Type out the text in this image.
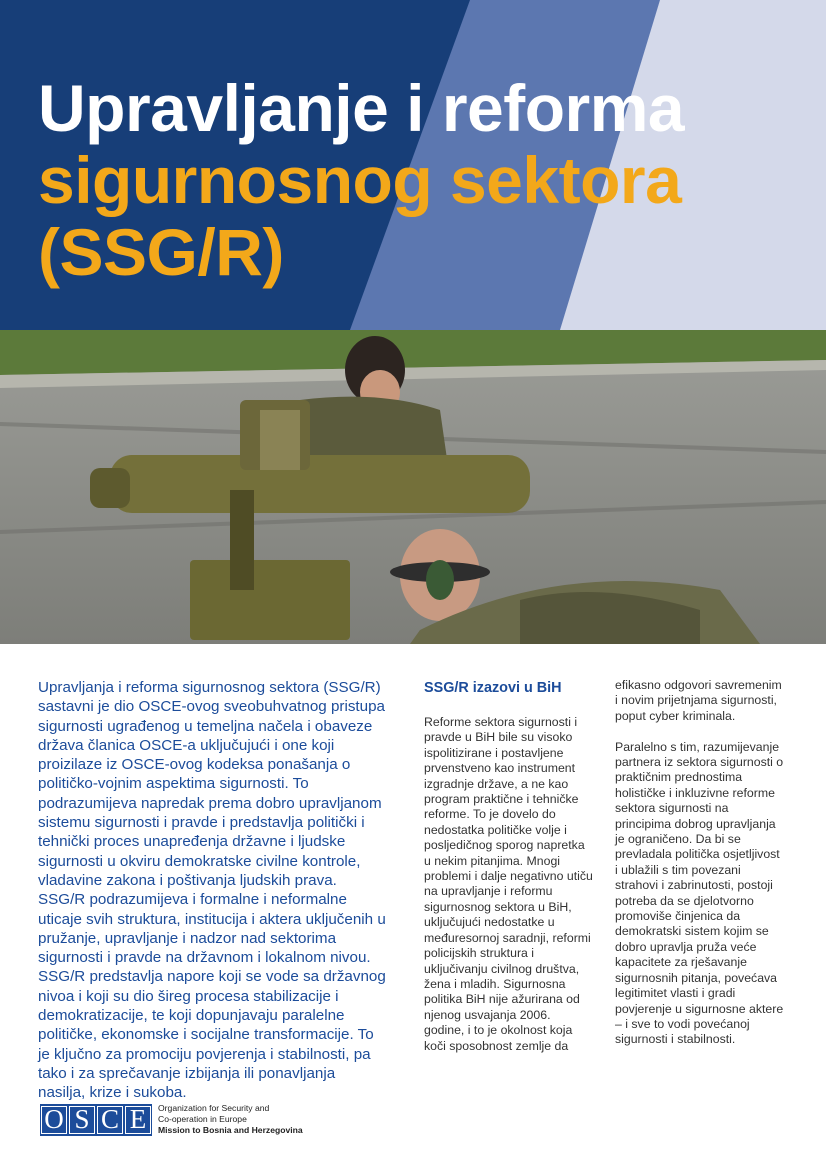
Upravljanje i reforma
sigurnosnog sektora
(SSG/R)

Upravljanja i reforma sigurnosnog sektora (SSG/R) sastavni je dio OSCE-ovog sveobuhvatnog pristupa sigurnosti ugrađenog u temeljna načela i obaveze država članica OSCE-a uključujući i one koji proizilaze iz OSCE-ovog kodeksa ponašanja o političko-vojnim aspektima sigurnosti. To podrazumijeva napredak prema dobro upravljanom sistemu sigurnosti i pravde i predstavlja politički i tehnički proces unapređenja državne i ljudske sigurnosti u okviru demokratske civilne kontrole, vladavine zakona i poštivanja ljudskih prava. SSG/R podrazumijeva i formalne i neformalne uticaje svih struktura, institucija i aktera uključenih u pružanje, upravljanje i nadzor nad sektorima sigurnosti i pravde na državnom i lokalnom nivou. SSG/R predstavlja napore koji se vode sa državnog nivoa i koji su dio šireg procesa stabilizacije i demokratizacije, te koji dopunjavaju paralelne političke, ekonomske i socijalne transformacije. To je ključno za promociju povjerenja i stabilnosti, pa tako i za sprečavanje izbijanja ili ponavljanja nasilja, krize i sukoba.

SSG/R izazovi u BiH

Reforme sektora sigurnosti i pravde u BiH bile su visoko ispolitizirane i postavljene prvenstveno kao instrument izgradnje države, a ne kao program praktične i tehničke reforme. To je dovelo do nedostatka političke volje i posljedičnog sporog napretka u nekim pitanjima. Mnogi problemi i dalje negativno utiču na upravljanje i reformu sigurnosnog sektora u BiH, uključujući nedostatke u međuresornoj saradnji, reformi policijskih struktura i uključivanju civilnog društva, žena i mladih. Sigurnosna politika BiH nije ažurirana od njenog usvajanja 2006. godine, i to je okolnost koja koči sposobnost zemlje da

efikasno odgovori savremenim i novim prijetnjama sigurnosti, poput cyber kriminala.

Paralelno s tim, razumijevanje partnera iz sektora sigurnosti o praktičnim prednostima holističke i inkluzivne reforme sektora sigurnosti na principima dobrog upravljanja je ograničeno. Da bi se prevladala politička osjetljivost i ublažili s tim povezani strahovi i zabrinutosti, postoji potreba da se djelotvorno promoviše činjenica da demokratski sistem kojim se dobro upravlja pruža veće kapacitete za rješavanje sigurnosnih pitanja, povećava legitimitet vlasti i gradi povjerenje u sigurnosne aktere – i sve to vodi povećanoj sigurnosti i stabilnosti.

O S C E	Organization for Security and
Co-operation in Europe
Mission to Bosnia and Herzegovina
